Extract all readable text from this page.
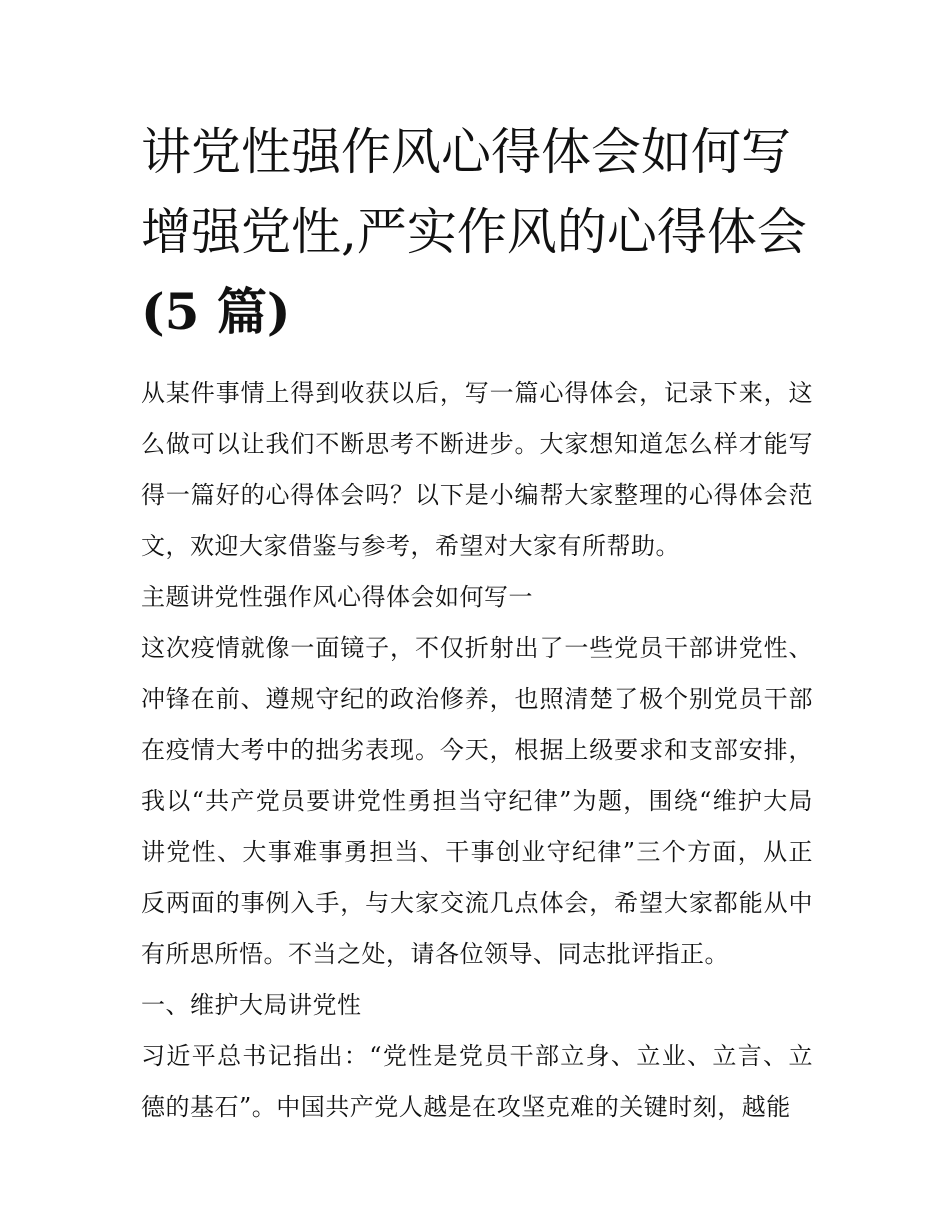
讲党性强作风心得体会如何写
增强党性,严实作风的心得体会
(5 篇)

从某件事情上得到收获以后，写一篇心得体会，记录下来，这么做可以让我们不断思考不断进步。大家想知道怎么样才能写得一篇好的心得体会吗？以下是小编帮大家整理的心得体会范文，欢迎大家借鉴与参考，希望对大家有所帮助。

主题讲党性强作风心得体会如何写一

这次疫情就像一面镜子，不仅折射出了一些党员干部讲党性、冲锋在前、遵规守纪的政治修养，也照清楚了极个别党员干部在疫情大考中的拙劣表现。今天，根据上级要求和支部安排，我以“共产党员要讲党性勇担当守纪律”为题，围绕“维护大局讲党性、大事难事勇担当、干事创业守纪律”三个方面，从正反两面的事例入手，与大家交流几点体会，希望大家都能从中有所思所悟。不当之处，请各位领导、同志批评指正。

一、维护大局讲党性

习近平总书记指出：“党性是党员干部立身、立业、立言、立德的基石”。中国共产党人越是在攻坚克难的关键时刻，越能
